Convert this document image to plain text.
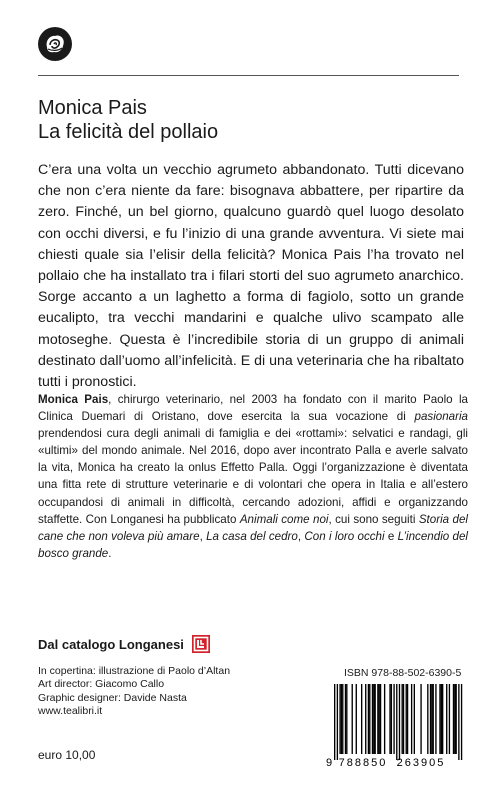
Monica Pais
La felicità del pollaio

C’era una volta un vecchio agrumeto abbandonato. Tutti dicevano che non c’era niente da fare: bisognava abbattere, per ripartire da zero. Finché, un bel giorno, qualcuno guardò quel luogo desolato con occhi diversi, e fu l’inizio di una grande avventura. Vi siete mai chiesti quale sia l’elisir della felicità? Monica Pais l’ha trovato nel pollaio che ha installato tra i filari storti del suo agrumeto anarchico. Sorge accanto a un laghetto a forma di fagiolo, sotto un grande eucalipto, tra vecchi mandarini e qualche ulivo scampato alle motoseghe. Questa è l’incredibile storia di un gruppo di animali destinato dall’uomo all’infelicità. E di una veterinaria che ha ribaltato tutti i pronostici.

Monica Pais, chirurgo veterinario, nel 2003 ha fondato con il marito Paolo la Clinica Duemari di Oristano, dove esercita la sua vocazione di pasionaria prendendosi cura degli animali di famiglia e dei «rottami»: selvatici e randagi, gli «ultimi» del mondo animale. Nel 2016, dopo aver incontrato Palla e averle salvato la vita, Monica ha creato la onlus Effetto Palla. Oggi l’organizzazione è diventata una fitta rete di strutture veterinarie e di volontari che opera in Italia e all’estero occupandosi di animali in difficoltà, cercando adozioni, affidi e organizzando staffette. Con Longanesi ha pubblicato Animali come noi, cui sono seguiti Storia del cane che non voleva più amare, La casa del cedro, Con i loro occhi e L’incendio del bosco grande.

Dal catalogo Longanesi
In copertina: illustrazione di Paolo d’Altan
Art director: Giacomo Callo
Graphic designer: Davide Nasta
www.tealibri.it
euro 10,00
ISBN 978-88-502-6390-5
9 788850 263905
